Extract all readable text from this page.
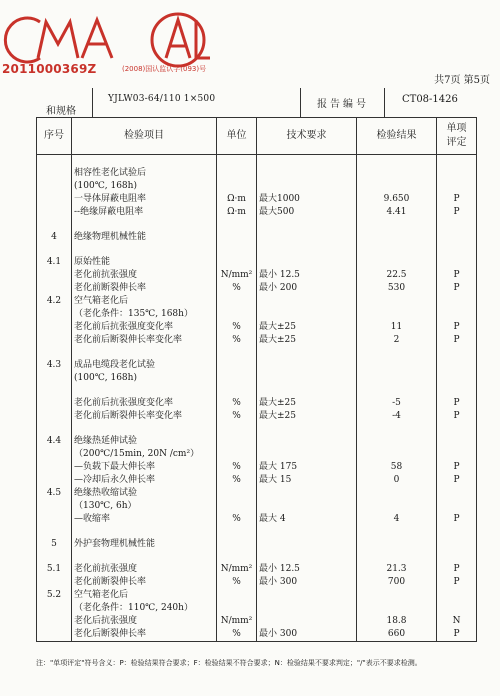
2011000369Z	(2008)国认监认字(093)号
共7页 第5页
和规格
YJLW03-64/110 1×500	报告编号	CT08-1426
序号	检验项目	单位	技术要求	检验结果	单项评定

	相容性老化试验后				
	(100℃, 168h)				
	一导体屏蔽电阻率	Ω·m	最大1000	9.650	P
	--绝缘屏蔽电阻率	Ω·m	最大500	4.41	P

4	绝缘物理机械性能				

4.1	原始性能				
	老化前抗张强度	N/mm²	最小 12.5	22.5	P
	老化前断裂伸长率	%	最小 200	530	P
4.2	空气箱老化后				
	（老化条件：135℃, 168h）				
	老化前后抗张强度变化率	%	最大±25	11	P
	老化前后断裂伸长率变化率	%	最大±25	2	P

4.3	成品电缆段老化试验				
	(100℃, 168h)				

	老化前后抗张强度变化率	%	最大±25	-5	P
	老化前后断裂伸长率变化率	%	最大±25	-4	P

4.4	绝缘热延伸试验				
	（200℃/15min, 20N /cm²）				
	—负载下最大伸长率	%	最大 175	58	P
	—冷却后永久伸长率	%	最大 15	0	P
4.5	绝缘热收缩试验				
	（130℃, 6h）				
	—收缩率	%	最大 4	4	P

5	外护套物理机械性能				

5.1	老化前抗张强度	N/mm²	最小 12.5	21.3	P
	老化前断裂伸长率	%	最小 300	700	P
5.2	空气箱老化后				
	（老化条件：110℃, 240h）				
	老化后抗张强度	N/mm²		18.8	N
	老化后断裂伸长率	%	最小 300	660	P
注："单项评定"符号含义：P：检验结果符合要求；F：检验结果不符合要求；N：检验结果不要求判定；"/"表示不要求检测。
